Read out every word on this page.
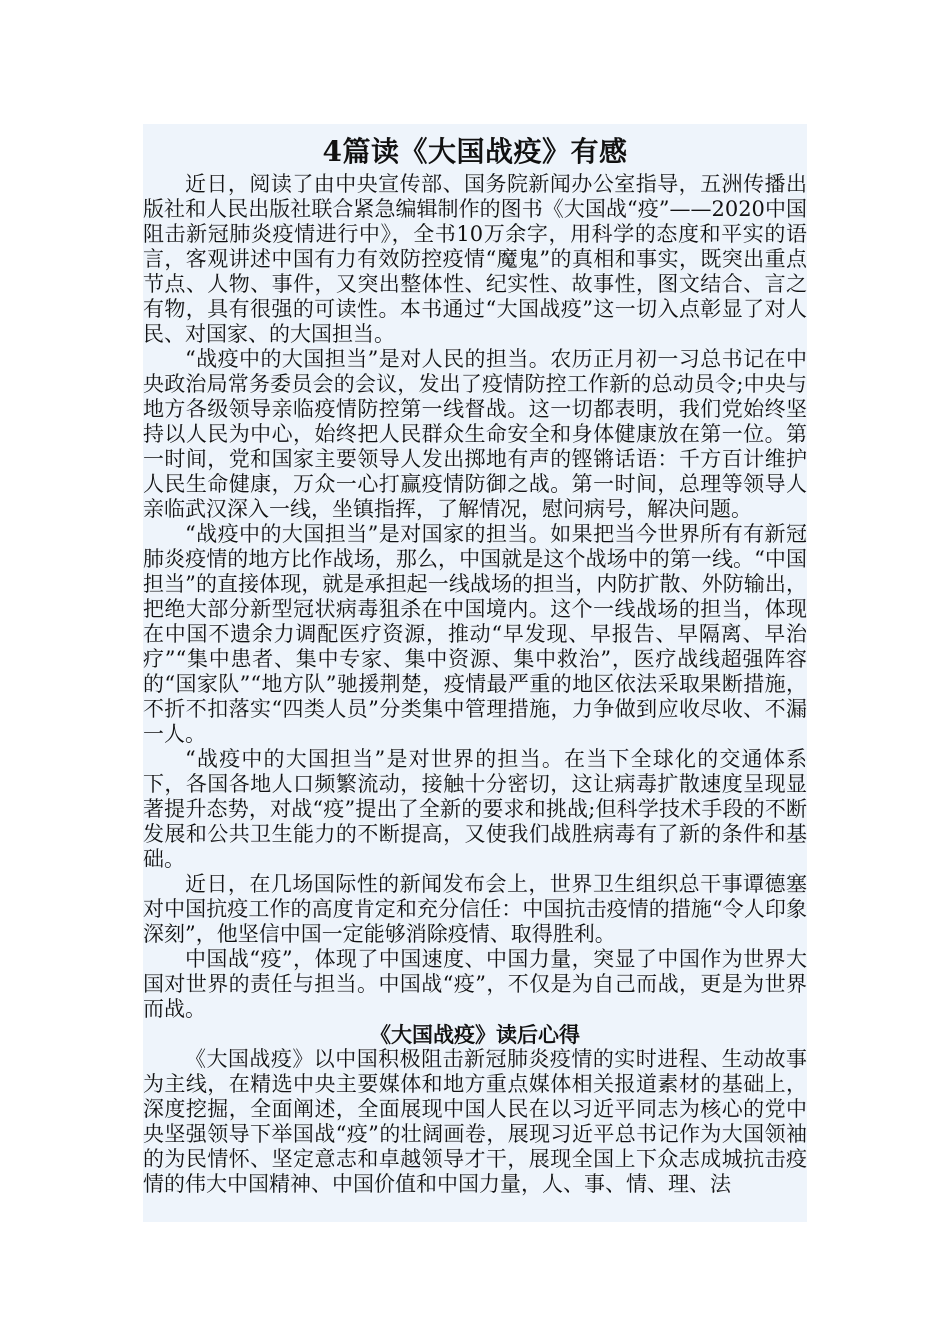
4篇读《大国战疫》有感

近日，阅读了由中央宣传部、国务院新闻办公室指导，五洲传播出版社和人民出版社联合紧急编辑制作的图书《大国战“疫”——2020中国阻击新冠肺炎疫情进行中》，全书10万余字，用科学的态度和平实的语言，客观讲述中国有力有效防控疫情“魔鬼”的真相和事实，既突出重点节点、人物、事件，又突出整体性、纪实性、故事性，图文结合、言之有物，具有很强的可读性。本书通过“大国战疫”这一切入点彰显了对人民、对国家、的大国担当。

“战疫中的大国担当”是对人民的担当。农历正月初一习总书记在中央政治局常务委员会的会议，发出了疫情防控工作新的总动员令;中央与地方各级领导亲临疫情防控第一线督战。这一切都表明，我们党始终坚持以人民为中心，始终把人民群众生命安全和身体健康放在第一位。第一时间，党和国家主要领导人发出掷地有声的铿锵话语：千方百计维护人民生命健康，万众一心打赢疫情防御之战。第一时间，总理等领导人亲临武汉深入一线，坐镇指挥，了解情况，慰问病号，解决问题。

“战疫中的大国担当”是对国家的担当。如果把当今世界所有有新冠肺炎疫情的地方比作战场，那么，中国就是这个战场中的第一线。“中国担当”的直接体现，就是承担起一线战场的担当，内防扩散、外防输出，把绝大部分新型冠状病毒狙杀在中国境内。这个一线战场的担当，体现在中国不遗余力调配医疗资源，推动“早发现、早报告、早隔离、早治疗”“集中患者、集中专家、集中资源、集中救治”，医疗战线超强阵容的“国家队”“地方队”驰援荆楚，疫情最严重的地区依法采取果断措施，不折不扣落实“四类人员”分类集中管理措施，力争做到应收尽收、不漏一人。

“战疫中的大国担当”是对世界的担当。在当下全球化的交通体系下，各国各地人口频繁流动，接触十分密切，这让病毒扩散速度呈现显著提升态势，对战“疫”提出了全新的要求和挑战;但科学技术手段的不断发展和公共卫生能力的不断提高，又使我们战胜病毒有了新的条件和基础。

近日，在几场国际性的新闻发布会上，世界卫生组织总干事谭德塞对中国抗疫工作的高度肯定和充分信任：中国抗击疫情的措施“令人印象深刻”，他坚信中国一定能够消除疫情、取得胜利。

中国战“疫”，体现了中国速度、中国力量，突显了中国作为世界大国对世界的责任与担当。中国战“疫”，不仅是为自己而战，更是为世界而战。

《大国战疫》读后心得

《大国战疫》以中国积极阻击新冠肺炎疫情的实时进程、生动故事为主线，在精选中央主要媒体和地方重点媒体相关报道素材的基础上，深度挖掘，全面阐述，全面展现中国人民在以习近平同志为核心的党中央坚强领导下举国战“疫”的壮阔画卷，展现习近平总书记作为大国领袖的为民情怀、坚定意志和卓越领导才干，展现全国上下众志成城抗击疫情的伟大中国精神、中国价值和中国力量，人、事、情、理、法
